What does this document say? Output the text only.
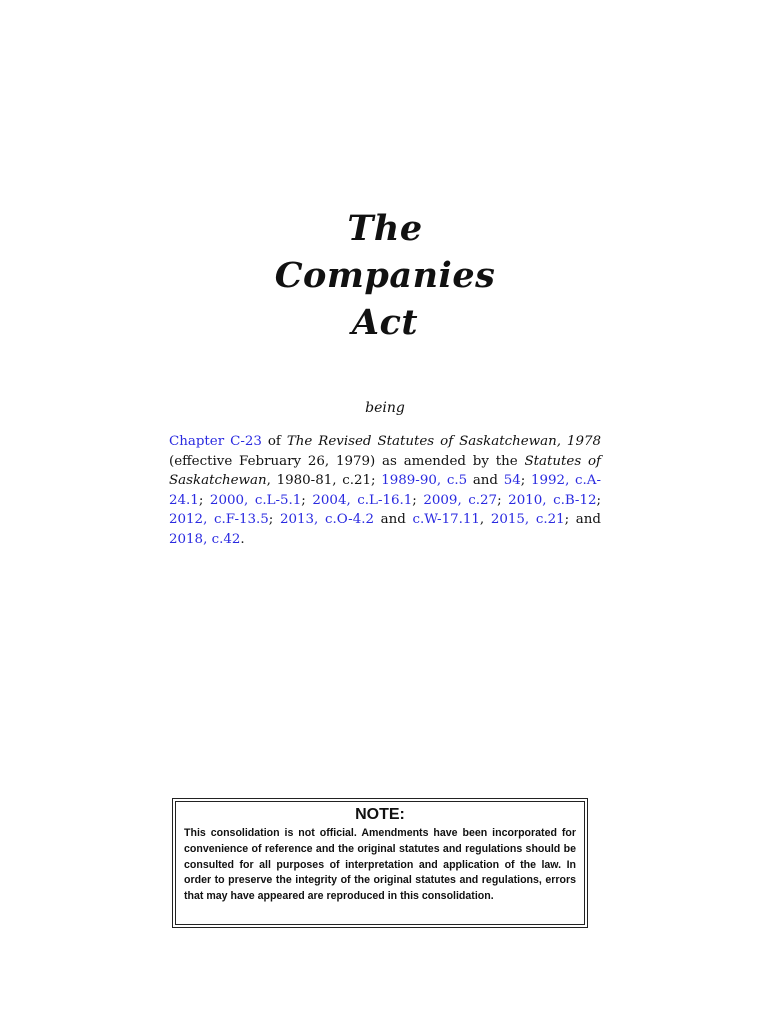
The
Companies
Act
being
Chapter C-23 of The Revised Statutes of Saskatchewan, 1978 (effective February 26, 1979) as amended by the Statutes of Saskatchewan, 1980-81, c.21; 1989-90, c.5 and 54; 1992, c.A-24.1; 2000, c.L-5.1; 2004, c.L-16.1; 2009, c.27; 2010, c.B-12; 2012, c.F-13.5; 2013, c.O-4.2 and c.W-17.11, 2015, c.21; and 2018, c.42.
NOTE:
This consolidation is not official. Amendments have been incorporated for convenience of reference and the original statutes and regulations should be consulted for all purposes of interpretation and application of the law. In order to preserve the integrity of the original statutes and regulations, errors that may have appeared are reproduced in this consolidation.
